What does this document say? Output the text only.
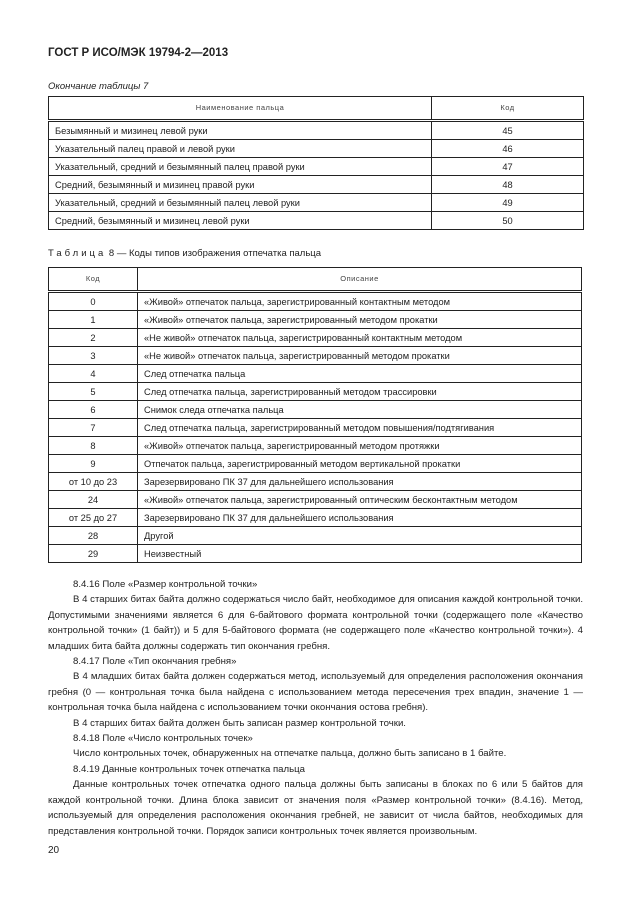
ГОСТ Р ИСО/МЭК 19794-2—2013
Окончание таблицы 7
Наименование пальца	Код
Безымянный и мизинец левой руки	45
Указательный палец правой и левой руки	46
Указательный, средний и безымянный палец правой руки	47
Средний, безымянный и мизинец правой руки	48
Указательный, средний и безымянный палец левой руки	49
Средний, безымянный и мизинец левой руки	50
Таблица 8 — Коды типов изображения отпечатка пальца
Код	Описание
0	«Живой» отпечаток пальца, зарегистрированный контактным методом
1	«Живой» отпечаток пальца, зарегистрированный методом прокатки
2	«Не живой» отпечаток пальца, зарегистрированный контактным методом
3	«Не живой» отпечаток пальца, зарегистрированный методом прокатки
4	След отпечатка пальца
5	След отпечатка пальца, зарегистрированный методом трассировки
6	Снимок следа отпечатка пальца
7	След отпечатка пальца, зарегистрированный методом повышения/подтягивания
8	«Живой» отпечаток пальца, зарегистрированный методом протяжки
9	Отпечаток пальца, зарегистрированный методом вертикальной прокатки
от 10 до 23	Зарезервировано ПК 37 для дальнейшего использования
24	«Живой» отпечаток пальца, зарегистрированный оптическим бесконтактным методом
от 25 до 27	Зарезервировано ПК 37 для дальнейшего использования
28	Другой
29	Неизвестный

8.4.16 Поле «Размер контрольной точки»

В 4 старших битах байта должно содержаться число байт, необходимое для описания каждой контрольной точки. Допустимыми значениями является 6 для 6-байтового формата контрольной точки (содержащего поле «Качество контрольной точки» (1 байт)) и 5 для 5-байтового формата (не содержащего поле «Качество контрольной точки»). 4 младших бита байта должны содержать тип окончания гребня.

8.4.17 Поле «Тип окончания гребня»

В 4 младших битах байта должен содержаться метод, используемый для определения расположения окончания гребня (0 — контрольная точка была найдена с использованием метода пересечения трех впадин, значение 1 — контрольная точка была найдена с использованием точки окончания остова гребня).

В 4 старших битах байта должен быть записан размер контрольной точки.

8.4.18 Поле «Число контрольных точек»

Число контрольных точек, обнаруженных на отпечатке пальца, должно быть записано в 1 байте.

8.4.19 Данные контрольных точек отпечатка пальца

Данные контрольных точек отпечатка одного пальца должны быть записаны в блоках по 6 или 5 байтов для каждой контрольной точки. Длина блока зависит от значения поля «Размер контрольной точки» (8.4.16). Метод, используемый для определения расположения окончания гребней, не зависит от числа байтов, необходимых для представления контрольной точки. Порядок записи контрольных точек является произвольным.

20
